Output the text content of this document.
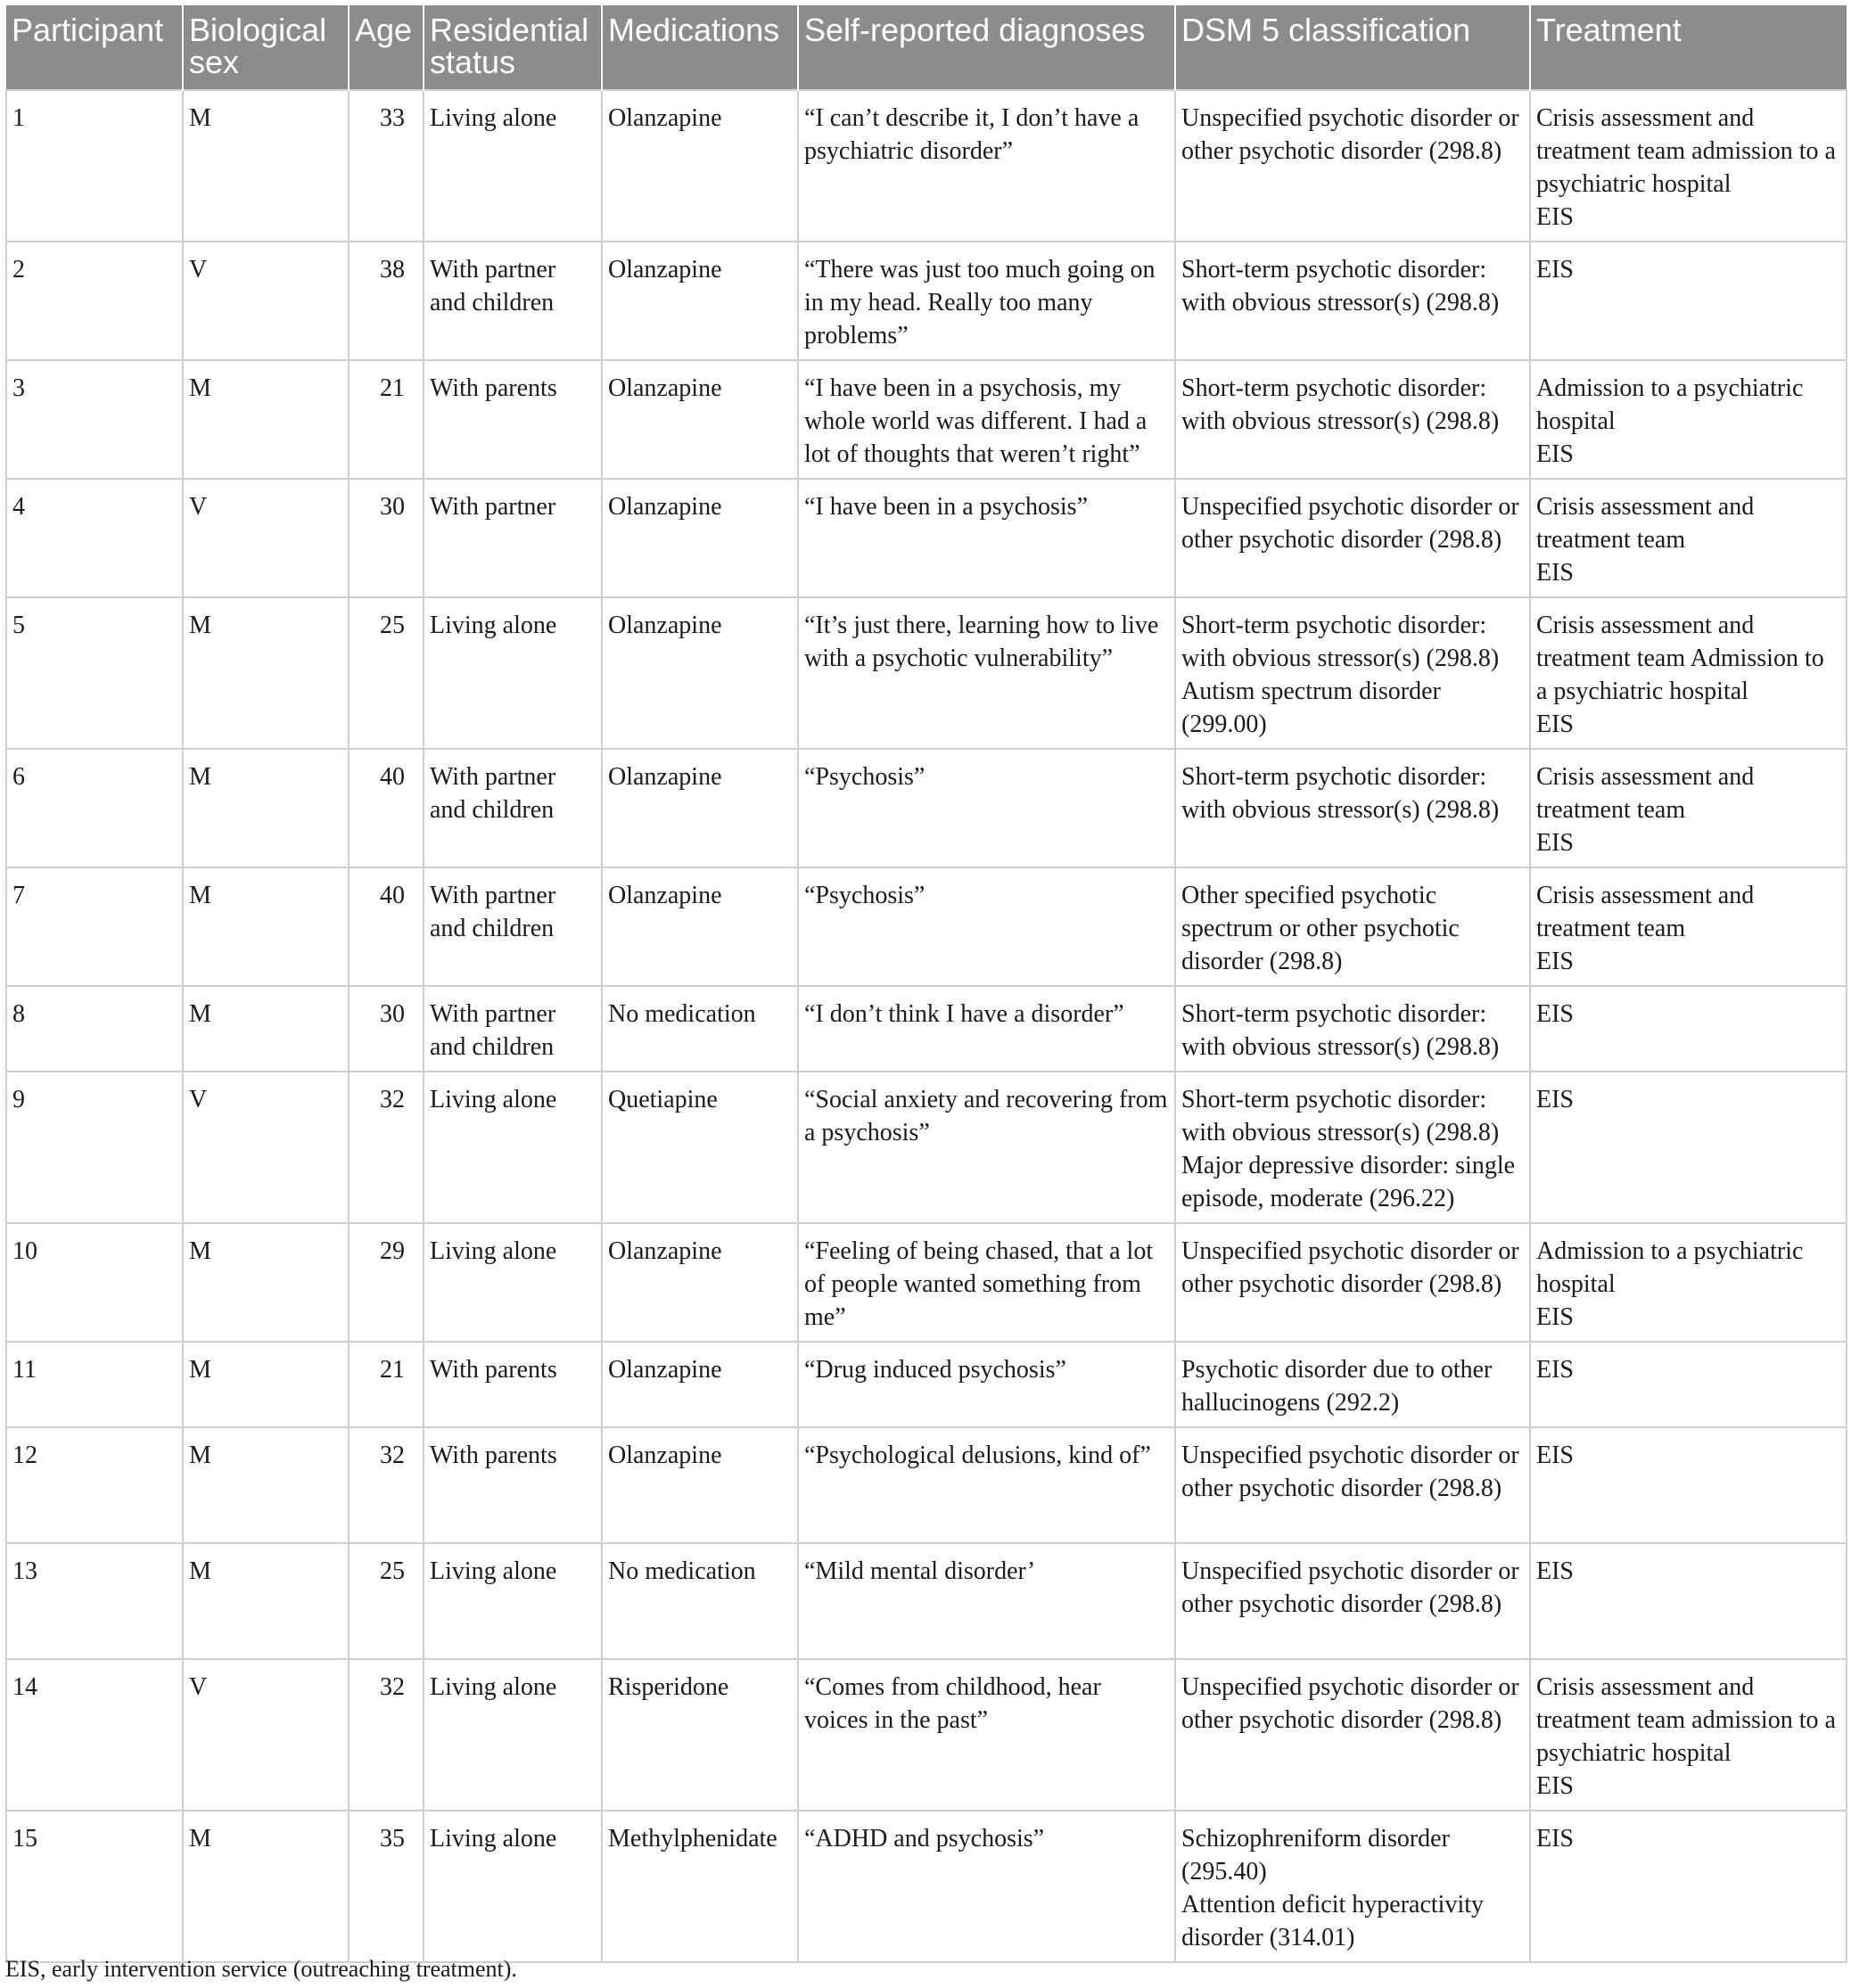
Participant	Biological sex	Age	Residential status	Medications	Self-reported diagnoses	DSM 5 classification	Treatment
1	M	33	Living alone	Olanzapine	“I can’t describe it, I don’t have a psychiatric disorder”	Unspecified psychotic disorder or other psychotic disorder (298.8)	Crisis assessment and treatment team admission to a psychiatric hospital
EIS

2	V	38	With partner and children	Olanzapine	“There was just too much going on in my head. Really too many problems”	Short-term psychotic disorder: with obvious stressor(s) (298.8)	EIS

3	M	21	With parents	Olanzapine	“I have been in a psychosis, my whole world was different. I had a lot of thoughts that weren’t right”	Short-term psychotic disorder: with obvious stressor(s) (298.8)	Admission to a psychiatric hospital
EIS

4	V	30	With partner	Olanzapine	“I have been in a psychosis”	Unspecified psychotic disorder or other psychotic disorder (298.8)	Crisis assessment and treatment team
EIS

5	M	25	Living alone	Olanzapine	“It’s just there, learning how to live with a psychotic vulnerability”	Short-term psychotic disorder: with obvious stressor(s) (298.8) Autism spectrum disorder (299.00)	Crisis assessment and treatment team Admission to a psychiatric hospital
EIS

6	M	40	With partner and children	Olanzapine	“Psychosis”	Short-term psychotic disorder: with obvious stressor(s) (298.8)	Crisis assessment and treatment team
EIS

7	M	40	With partner and children	Olanzapine	“Psychosis”	Other specified psychotic spectrum or other psychotic disorder (298.8)	Crisis assessment and treatment team
EIS

8	M	30	With partner and children	No medication	“I don’t think I have a disorder”	Short-term psychotic disorder: with obvious stressor(s) (298.8)	EIS

9	V	32	Living alone	Quetiapine	“Social anxiety and recovering from a psychosis”	Short-term psychotic disorder: with obvious stressor(s) (298.8)
Major depressive disorder: single episode, moderate (296.22)	EIS

10	M	29	Living alone	Olanzapine	“Feeling of being chased, that a lot of people wanted something from me”	Unspecified psychotic disorder or other psychotic disorder (298.8)	Admission to a psychiatric hospital
EIS

11	M	21	With parents	Olanzapine	“Drug induced psychosis”	Psychotic disorder due to other hallucinogens (292.2)	EIS

12	M	32	With parents	Olanzapine	“Psychological delusions, kind of”	Unspecified psychotic disorder or other psychotic disorder (298.8)	EIS

13	M	25	Living alone	No medication	“Mild mental disorder’	Unspecified psychotic disorder or other psychotic disorder (298.8)	EIS

14	V	32	Living alone	Risperidone	“Comes from childhood, hear voices in the past”	Unspecified psychotic disorder or other psychotic disorder (298.8)	Crisis assessment and treatment team admission to a psychiatric hospital
EIS

15	M	35	Living alone	Methylphenidate	“ADHD and psychosis”	Schizophreniform disorder (295.40)
Attention deficit hyperactivity disorder (314.01)	EIS
EIS, early intervention service (outreaching treatment).
